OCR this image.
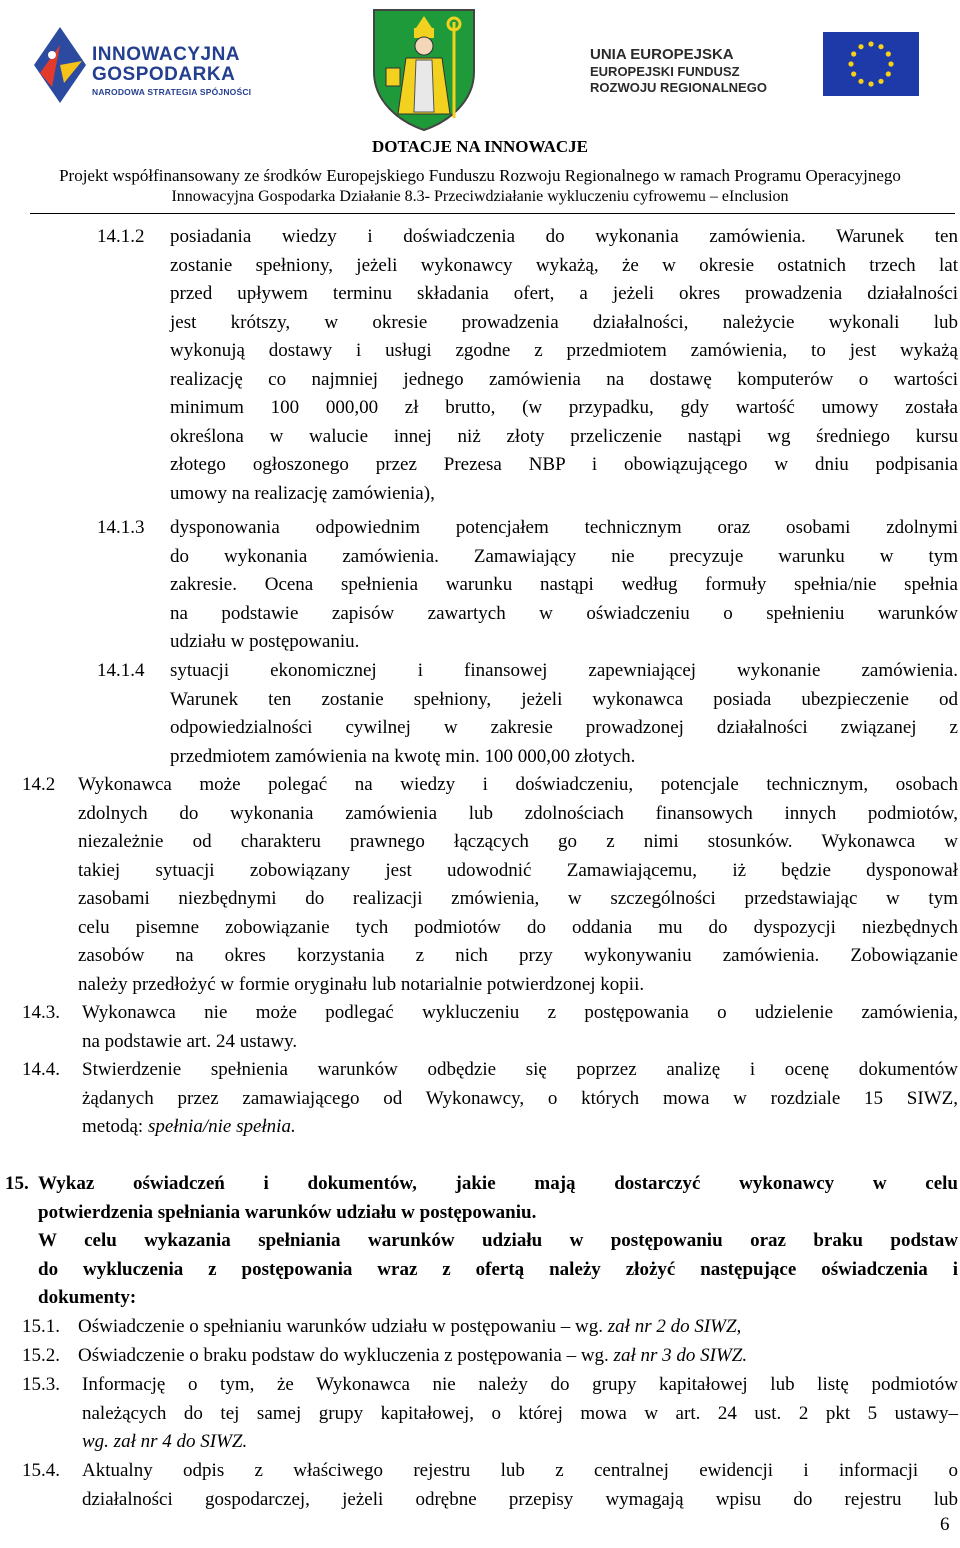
INNOWACYJNA
GOSPODARKA
NARODOWA STRATEGIA SPÓJNOŚCI
UNIA EUROPEJSKA
EUROPEJSKI FUNDUSZ
ROZWOJU REGIONALNEGO
DOTACJE NA INNOWACJE
Projekt współfinansowany ze środków Europejskiego Funduszu Rozwoju Regionalnego w ramach Programu Operacyjnego
Innowacyjna Gospodarka Działanie 8.3- Przeciwdziałanie wykluczeniu cyfrowemu – eInclusion
14.1.2 posiadania wiedzy i doświadczenia do wykonania zamówienia. Warunek ten
zostanie spełniony, jeżeli wykonawcy wykażą, że w okresie ostatnich trzech lat
przed upływem terminu składania ofert, a jeżeli okres prowadzenia działalności
jest krótszy, w okresie prowadzenia działalności, należycie wykonali lub
wykonują dostawy i usługi zgodne z przedmiotem zamówienia, to jest wykażą
realizację co najmniej jednego zamówienia na dostawę komputerów o wartości
minimum 100 000,00 zł brutto, (w przypadku, gdy wartość umowy została
określona w walucie innej niż złoty przeliczenie nastąpi wg średniego kursu
złotego ogłoszonego przez Prezesa NBP i obowiązującego w dniu podpisania
umowy na realizację zamówienia),
14.1.3 dysponowania odpowiednim potencjałem technicznym oraz osobami zdolnymi
do wykonania zamówienia. Zamawiający nie precyzuje warunku w tym
zakresie. Ocena spełnienia warunku nastąpi według formuły spełnia/nie spełnia
na podstawie zapisów zawartych w oświadczeniu o spełnieniu warunków
udziału w postępowaniu.
14.1.4 sytuacji ekonomicznej i finansowej zapewniającej wykonanie zamówienia.
Warunek ten zostanie spełniony, jeżeli wykonawca posiada ubezpieczenie od
odpowiedzialności cywilnej w zakresie prowadzonej działalności związanej z
przedmiotem zamówienia na kwotę min. 100 000,00 złotych.
14.2 Wykonawca może polegać na wiedzy i doświadczeniu, potencjale technicznym, osobach
zdolnych do wykonania zamówienia lub zdolnościach finansowych innych podmiotów,
niezależnie od charakteru prawnego łączących go z nimi stosunków. Wykonawca w
takiej sytuacji zobowiązany jest udowodnić Zamawiającemu, iż będzie dysponował
zasobami niezbędnymi do realizacji zmówienia, w szczególności przedstawiając w tym
celu pisemne zobowiązanie tych podmiotów do oddania mu do dyspozycji niezbędnych
zasobów na okres korzystania z nich przy wykonywaniu zamówienia. Zobowiązanie
należy przedłożyć w formie oryginału lub notarialnie potwierdzonej kopii.
14.3. Wykonawca nie może podlegać wykluczeniu z postępowania o udzielenie zamówienia,
na podstawie art. 24 ustawy.
14.4. Stwierdzenie spełnienia warunków odbędzie się poprzez analizę i ocenę dokumentów
żądanych przez zamawiającego od Wykonawcy, o których mowa w rozdziale 15 SIWZ,
metodą: spełnia/nie spełnia.
15. Wykaz oświadczeń i dokumentów, jakie mają dostarczyć wykonawcy w celu
potwierdzenia spełniania warunków udziału w postępowaniu.
W celu wykazania spełniania warunków udziału w postępowaniu oraz braku podstaw
do wykluczenia z postępowania wraz z ofertą należy złożyć następujące oświadczenia i
dokumenty:
15.1. Oświadczenie o spełnianiu warunków udziału w postępowaniu – wg. zał nr 2 do SIWZ,
15.2. Oświadczenie o braku podstaw do wykluczenia z postępowania – wg. zał nr 3 do SIWZ.
15.3. Informację o tym, że Wykonawca nie należy do grupy kapitałowej lub listę podmiotów
należących do tej samej grupy kapitałowej, o której mowa w art. 24 ust. 2 pkt 5 ustawy–
wg. zał nr 4 do SIWZ.
15.4. Aktualny odpis z właściwego rejestru lub z centralnej ewidencji i informacji o
działalności gospodarczej, jeżeli odrębne przepisy wymagają wpisu do rejestru lub
6
